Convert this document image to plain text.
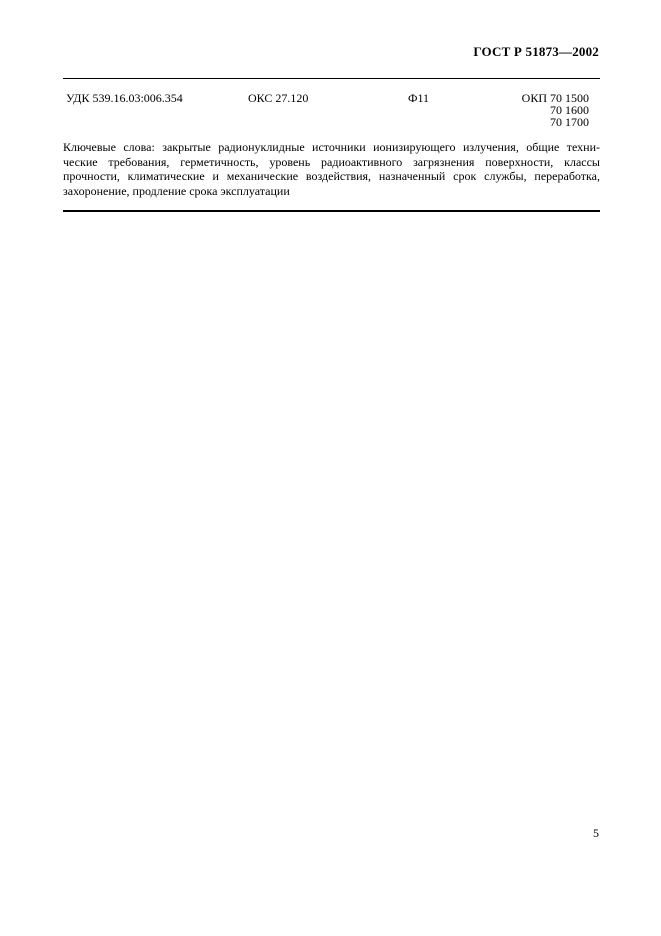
ГОСТ Р 51873—2002
УДК 539.16.03:006.354	ОКС 27.120	Ф11	ОКП 70 1500
70 1600
70 1700
Ключевые слова: закрытые радионуклидные источники ионизирующего излучения, общие техни-
ческие требования, герметичность, уровень радиоактивного загрязнения поверхности, классы
прочности, климатические и механические воздействия, назначенный срок службы, переработка,
захоронение, продление срока эксплуатации
5
